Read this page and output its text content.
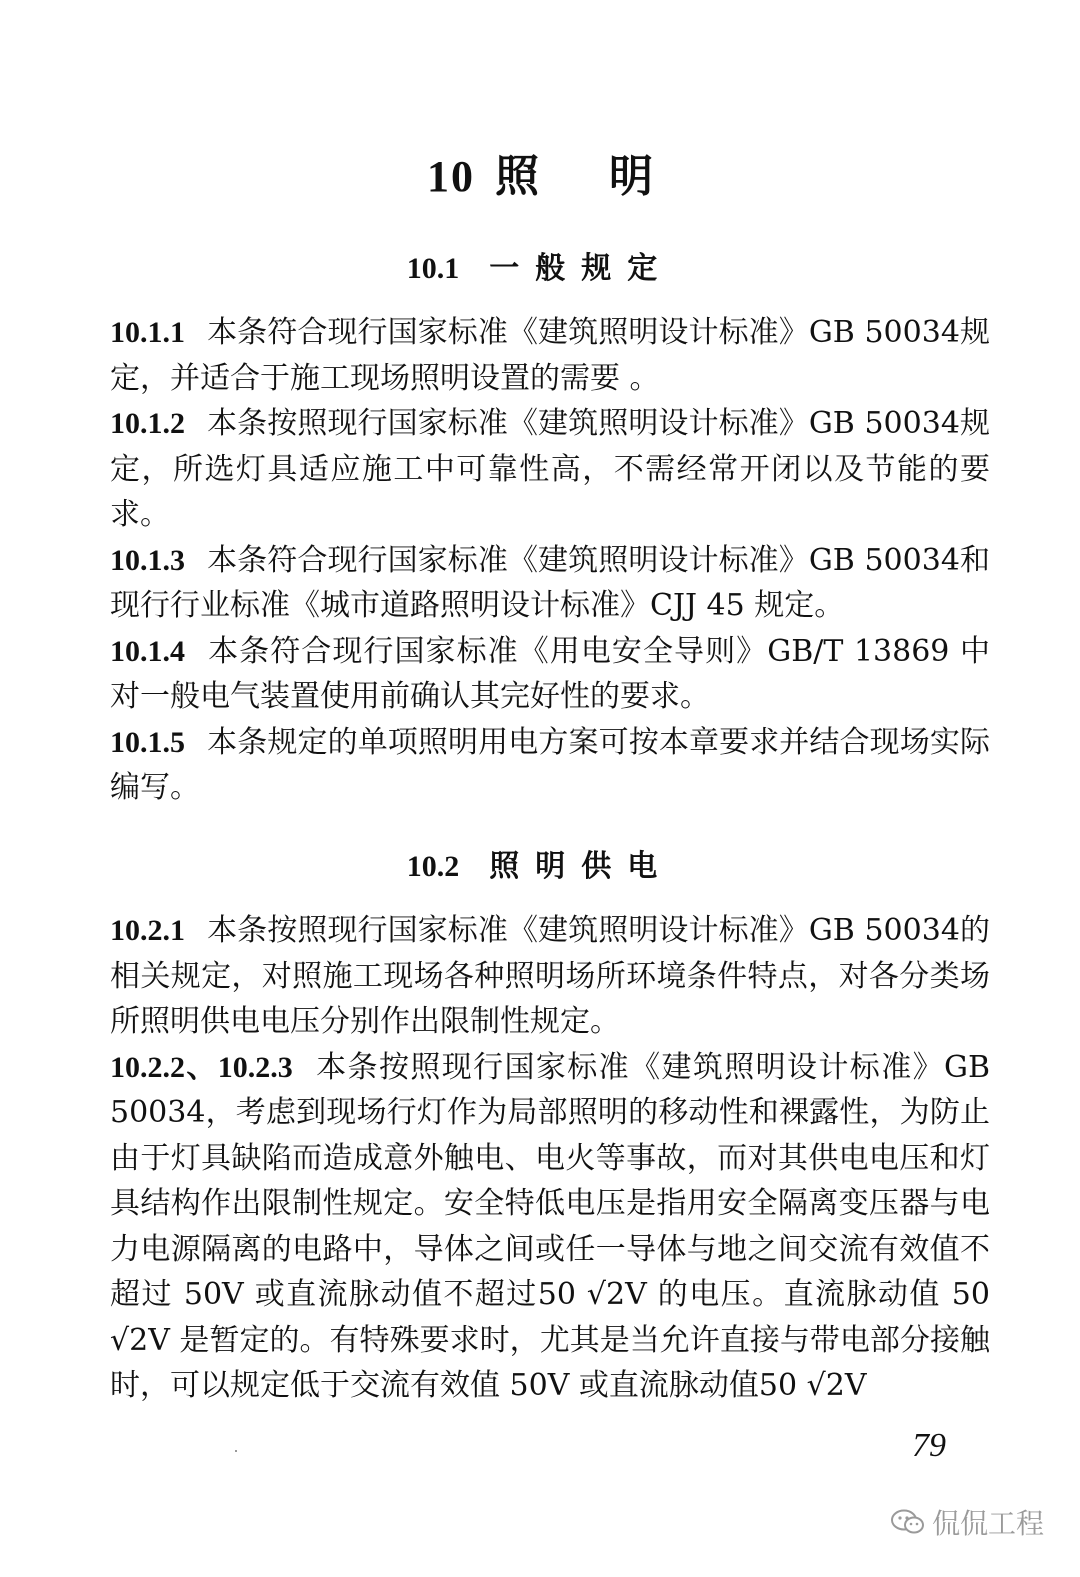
10 照明
10.1 一般规定

10.1.1 本条符合现行国家标准《建筑照明设计标准》GB 50034规定，并适合于施工现场照明设置的需要 。

10.1.2 本条按照现行国家标准《建筑照明设计标准》GB 50034规定，所选灯具适应施工中可靠性高，不需经常开闭以及节能的要求。

10.1.3 本条符合现行国家标准《建筑照明设计标准》GB 50034和现行行业标准《城市道路照明设计标准》CJJ 45 规定。

10.1.4 本条符合现行国家标准《用电安全导则》GB/T 13869 中对一般电气装置使用前确认其完好性的要求。

10.1.5 本条规定的单项照明用电方案可按本章要求并结合现场实际编写。

10.2 照明供电

10.2.1 本条按照现行国家标准《建筑照明设计标准》GB 50034的相关规定，对照施工现场各种照明场所环境条件特点，对各分类场所照明供电电压分别作出限制性规定。

10.2.2、10.2.3 本条按照现行国家标准《建筑照明设计标准》GB 50034，考虑到现场行灯作为局部照明的移动性和裸露性，为防止由于灯具缺陷而造成意外触电、电火等事故，而对其供电电压和灯具结构作出限制性规定。安全特低电压是指用安全隔离变压器与电力电源隔离的电路中，导体之间或任一导体与地之间交流有效值不超过 50V 或直流脉动值不超过50 √2V 的电压。直流脉动值 50 √2V 是暂定的。有特殊要求时，尤其是当允许直接与带电部分接触时，可以规定低于交流有效值 50V 或直流脉动值50 √2V

79
侃侃工程
